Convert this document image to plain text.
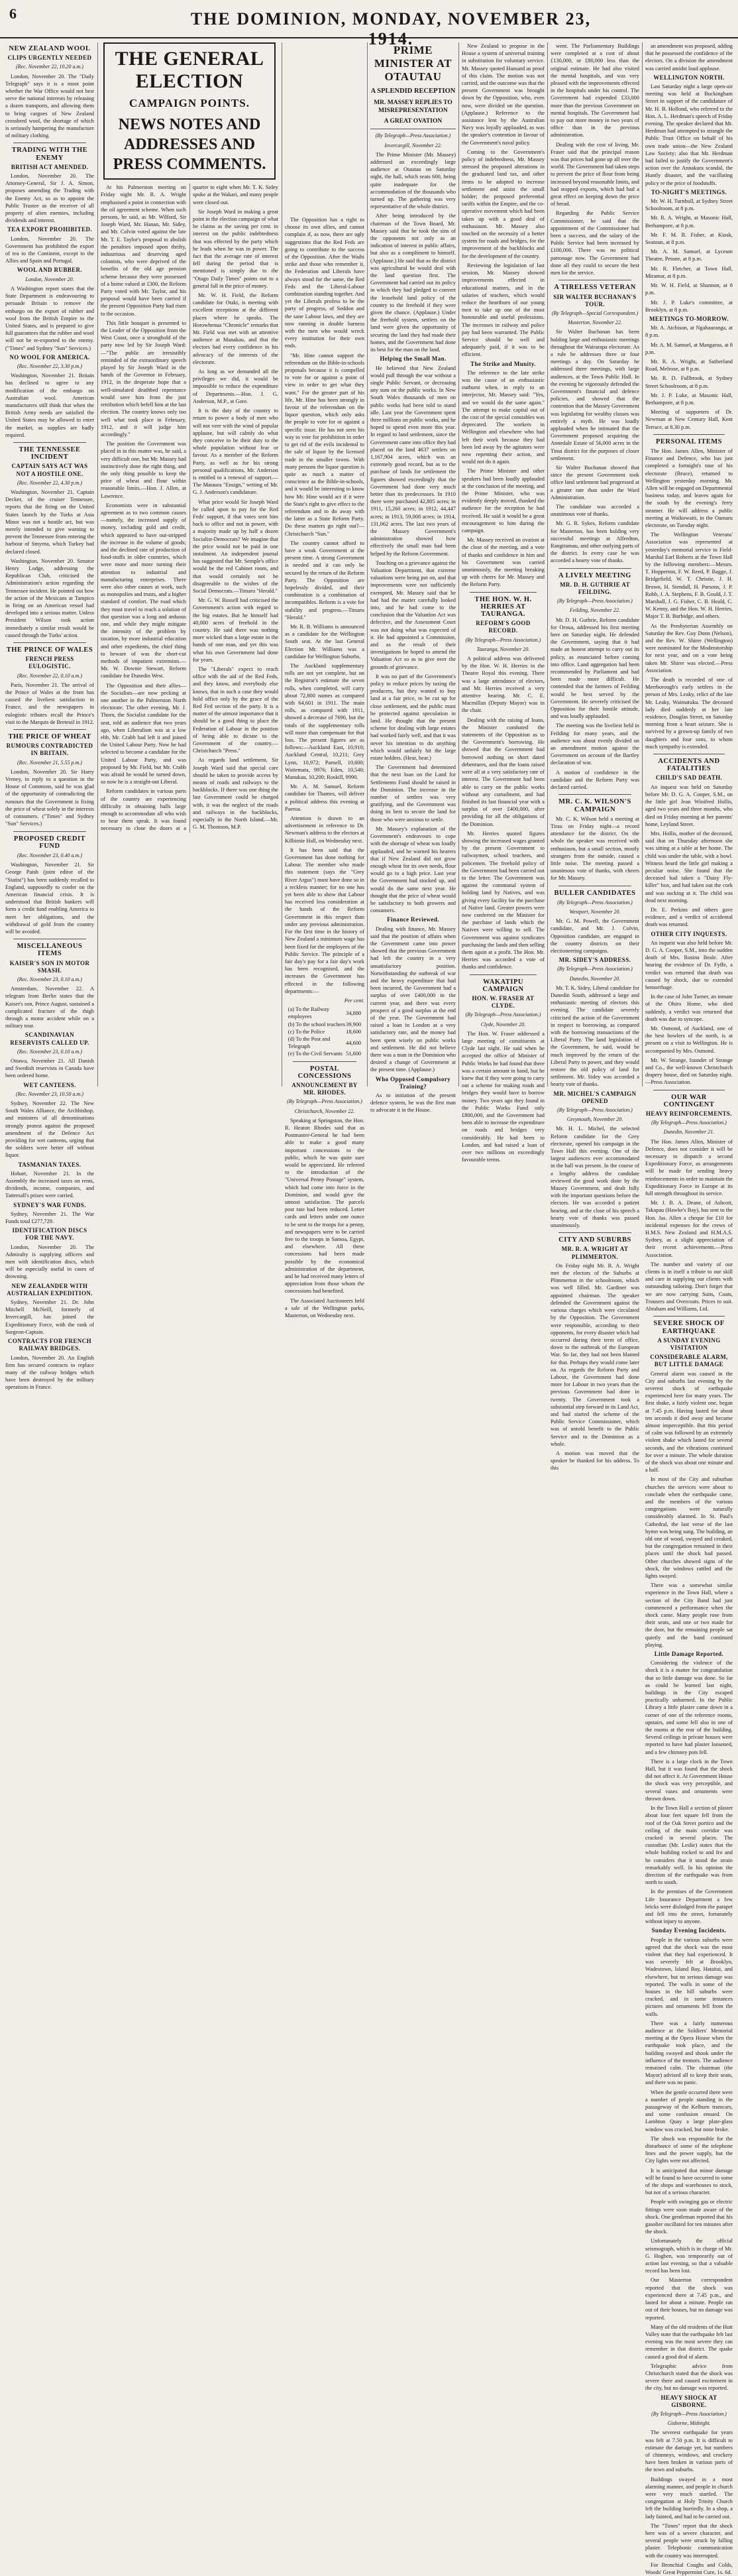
6	THE DOMINION, MONDAY, NOVEMBER 23, 1914.
NEW ZEALAND WOOL
CLIPS URGENTLY NEEDED
(Rec. November 22, 10.20 a.m.)

London, November 20. The "Daily Telegraph" says it is a moot point whether the War Office would not best serve the national interests by releasing a dozen transports, and allowing them to bring cargoes of New Zealand crossbred wool, the shortage of which is seriously hampering the manufacture of military clothing.

TRADING WITH THE ENEMY
BRITISH ACT AMENDED.

London, November 20. The Attorney-General, Sir J. A. Simon, proposes amending the Trading with the Enemy Act, so as to appoint the Public Trustee as the receiver of all property of alien enemies, including dividends and interest.

TEA EXPORT PROHIBITED.

London, November 20. The Government has prohibited the export of tea to the Continent, except to the Allies and Spain and Portugal.

WOOL AND RUBBER.
London, November 20.

A Washington report states that the State Department is endeavouring to persuade Britain to remove the embargo on the export of rubber and wool from the British Empire to the United States, and is prepared to give full guarantees that the rubber and wool will not be re-exported to the enemy. ("Times" and Sydney "Sun" Services.)

NO WOOL FOR AMERICA.
(Rec. November 22, 3.30 p.m.)

Washington, November 21. Britain has declined to agree to any modification of the embargo on Australian wool. American manufacturers still think that when the British Army needs are satisfied the United States may be allowed to enter the market, as supplies are badly required.

THE TENNESSEE INCIDENT
CAPTAIN SAYS ACT WAS NOT A HOSTILE ONE.
(Rec. November 22, 4.30 p.m.)

Washington, November 21. Captain Decker, of the cruiser Tennessee, reports that the firing on the United States launch by the Turks at Asia Minor was not a hostile act, but was merely intended to give warning to prevent the Tennessee from entering the harbour of Smyrna, which Turkey had declared closed.

Washington, November 20. Senator Henry Lodge, addressing the Republican Club, criticised the Administration's action regarding the Tennessee incident. He pointed out how the action of the Mexicans at Tampico in firing on an American vessel had developed into a serious matter. Unless President Wilson took action immediately a similar result would be caused through the Turks' action.

THE PRINCE OF WALES
FRENCH PRESS EULOGISTIC.
(Rec. November 22, 0.10 a.m.)

Paris, November 21. The arrival of the Prince of Wales at the front has caused the liveliest satisfaction in France, and the newspapers in eulogistic tributes recall the Prince's visit to the Marquis de Breteuil in 1912.

THE PRICE OF WHEAT
RUMOURS CONTRADICTED IN BRITAIN.
(Rec. November 21, 5.55 p.m.)

London, November 20. Sir Harry Verney, in reply to a question in the House of Commons, said he was glad of the opportunity of contradicting the rumours that the Government is fixing the price of wheat solely in the interests of consumers. ("Times" and Sydney "Sun" Services.)

PROPOSED CREDIT FUND
(Rec. November 23, 0.40 a.m.)

Washington, November 21. Sir George Paish (joint editor of the "Statist") has been suddenly recalled to England, supposedly to confer on the American financial crisis. It is understood that British bankers will form a credit fund enabling America to meet her obligations, and the withdrawal of gold from the country will be avoided.

MISCELLANEOUS ITEMS
KAISER'S SON IN MOTOR SMASH.
(Rec. November 23, 0.10 a.m.)

Amsterdam, November 22. A telegram from Berlin states that the Kaiser's son, Prince August, sustained a complicated fracture of the thigh through a motor accident while on a military tour.

SCANDINAVIAN RESERVISTS CALLED UP.
(Rec. November 23, 0.10 a.m.)

Ottawa, November 21. All Danish and Swedish reservists in Canada have been ordered home.

WET CANTEENS.
(Rec. November 23, 10.50 a.m.)

Sydney, November 22. The New South Wales Alliance, the Archbishop, and ministers of all denominations strongly protest against the proposed amendment of the Defence Act providing for wet canteens, urging that the soldiers were better off without liquor.

TASMANIAN TAXES.

Hobart, November 21. In the Assembly the increased taxes on rents, dividends, income, companies, and Tattersall's prizes were carried.

SYDNEY'S WAR FUNDS.

Sydney, November 21. The War Funds total £277,729.

IDENTIFICATION DISCS FOR THE NAVY.

London, November 20. The Admiralty is supplying officers and men with identification discs, which will be especially useful in cases of drowning.

NEW ZEALANDER WITH AUSTRALIAN EXPEDITION.

Sydney, November 21. Dr. John Mitchell McNeill, formerly of Invercargill, has joined the Expeditionary Force, with the rank of Surgeon-Captain.

CONTRACTS FOR FRENCH RAILWAY BRIDGES.

London, November 20. An English firm has secured contracts to replace many of the railway bridges which have been destroyed by the military operations in France.

THE GENERAL ELECTION
CAMPAIGN POINTS.
NEWS NOTES AND ADDRESSES AND PRESS COMMENTS.

At his Palmerston meeting on Friday night Mr. R. A. Wright emphasised a point in connection with the oil agreement scheme. When such persons, he said, as Mr. Wilford, Sir Joseph Ward, Mr. Hanan, Mr. Sidey, and Mr. Colvin voted against the late Mr. T. E. Taylor's proposal to abolish the penalties imposed upon thrifty, industrious and deserving aged colonists, who were deprived of the benefits of the old age pension scheme because they were possessed of a home valued at £300, the Reform Party voted with Mr. Taylor, and his proposal would have been carried if the present Opposition Party had risen to the occasion.

This little bouquet is presented to the Leader of the Opposition from the West Coast, once a stronghold of the party now led by Sir Joseph Ward:—"The public are irresistibly reminded of the extraordinary speech played by Sir Joseph Ward in the hands of the Governor in February, 1912, in the desperate hope that a well-simulated deathbed repentance would save him from the just retribution which befell him at the last election. The country knows only too well what took place in February, 1912, and it will judge him accordingly."

The position the Government was placed in in this matter was, he said, a very difficult one, but Mr. Massey had instinctively done the right thing, and the only thing possible to keep the price of wheat and flour within reasonable limits.—Hon. J. Allen, at Lawrence.

Economists were in substantial agreement as to two common causes—namely, the increased supply of money, including gold and credit, which appeared to have out-stripped the increase in the volume of goods; and the declined rate of production of food-stuffs in older countries, which were more and more turning their attention to industrial and manufacturing enterprises. There were also other causes at work, such as monopolies and trusts, and a higher standard of comfort. The road which they must travel to reach a solution of that question was a long and arduous one, and while they might mitigate the intensity of the problem by taxation, by more industrial education and other expedients, the chief thing to beware of was the short-cut methods of impatient extremists.—Mr. W. Downie Stewart, Reform candidate for Dunedin West.

The Opposition and their allies—the Socialists—are now pecking at one another in the Palmerston North electorate. The other evening, Mr. J. Thorn, the Socialist candidate for the seat, told an audience that two years ago, when Liberalism was at a low ebb, Mr. Crabb had left it and joined the United Labour Party. Now he had selected to become a candidate for the United Labour Party, and was proposed by Mr. Field, but Mr. Crabb was afraid he would be turned down, so now he is a straight-out Liberal.

Reform candidates in various parts of the country are experiencing difficulty in obtaining halls large enough to accommodate all who wish to hear them speak. It was found necessary to close the doors at a quarter to eight when Mr. T. K. Sidey spoke at the Wakari, and many people were closed out.

Sir Joseph Ward in making a great point in the election campaign of what he claims as the saving per cent. in interest on the public indebtedness that was effected by the party which he leads when he was in power. The fact that the average rate of interest fell during the period that is mentioned is simply due to the "Otago Daily Times" points out to a general fall in the price of money.

Mr. W. H. Field, the Reform candidate for Otaki, is meeting with excellent receptions at the different places where he speaks. The Horowhenua "Chronicle" remarks that Mr. Field was met with an attentive audience at Manakau, and that the electors had every confidence in his advocacy of the interests of the electorate.

As long as we demanded all the privileges we did, it would be impossible to reduce the expenditure of Departments.—Hon. J. G. Anderson, M.P., at Gore.

It is the duty of the country to return to power a body of men who will not veer with the wind of popular applause, but will calmly do what they conceive to be their duty to the whole population without fear or favour. As a member of the Reform Party, as well as for his strong personal qualifications, Mr. Anderson is entitled to a renewal of support.—The Mataura "Ensign," writing of Mr. G. J. Anderson's candidature.

What price would Sir Joseph Ward be called upon to pay for the Red Feds' support, if that votes sent him back to office and not in power, with a majority made up by half a dozen Socialist-Democrats? We imagine that the price would not be paid in one instalment. An independent journal has suggested that Mr. Semple's office would be the red Cabinet room, and that would certainly not be disagreeable to the wishes of the Social Democrats.—Timaru "Herald."

Mr. G. W. Russell had criticised the Government's action with regard to the big estates. But he himself had 40,000 acres of freehold in the country. He said there was nothing more wicked than a large estate in the hands of one man, and yet this was what his own Government had done for years.

The "Liberals" expect to reach office with the aid of the Red Feds, and they know, and everybody else knows, that in such a case they would hold office only by the grace of the Red Fed section of the party. It is a matter of the utmost importance that it should be a good thing to place the Federation of Labour in the position of being able to dictate to the Government of the country.—Christchurch "Press."

As regards land settlement, Sir Joseph Ward said that special care should be taken to provide access by means of roads and railways to the backblocks. If there was one thing the last Government could be charged with, it was the neglect of the roads and railways in the backblocks, especially in the North Island.—Mr. G. M. Thomson, M.P.

The Opposition has a right to choose its own allies, and cannot complain if, as now, there are ugly suggestions that the Red Feds are going to contribute to the success of the Opposition. After the Waihi strike and those who remember it, the Federation and Liberals have always stood for the same, the Red Feds and the Liberal-Labour combination standing together. And yet the Liberals profess to be the party of progress, of Seddon and the sane Labour laws, and they are now running in double harness with the men who would wreck every institution for their own ends.

"Mr. Hine cannot support the referendum on the Bible-in-schools proposals because it is compelled to vote for or against a point of view in order to get what they want." For the greater part of his life, Mr. Hine has been strongly in favour of the referendum on the liquor question, which only asks the people to vote for or against a specific issue. He has not seen his way to vote for prohibition in order to get rid of the evils incidental to the sale of liquor by the licensed trade in the smaller towns. With many persons the liquor question is quite as much a matter of conscience as the Bible-in-schools, and it would be interesting to know how Mr. Hine would act if it were the State's right to give effect to the referendum and to do away with the latter as a State Reform Party. Do these matters go right out?—Christchurch "Sun."

The country cannot afford to have a weak Government at the present time. A strong Government is needed and it can only be secured by the return of the Reform Party. The Opposition are hopelessly divided, and their combination is a combination of incompatibles. Reform is a vote for stability and progress.—Timaru "Herald."

Mr. R. B. Williams is announced as a candidate for the Wellington South seat. At the last General Election Mr. Williams was a candidate for Wellington Suburbs.

The Auckland supplementary rolls are not yet complete, but on the Registrar's estimate the seven rolls, when completed, will carry about 72,800 names as compared with 64,601 in 1911. The main rolls, as compared with 1911, showed a decrease of 7690, but the totals of the supplementary rolls will more than compensate for that loss. The present figures are as follows:—Auckland East, 10,910; Auckland Central, 10,211; Grey Lynn, 10,972; Parnell, 10,600; Waitemata, 9976; Eden, 10,540; Manukau, 10,200; Roskill, 9990.

Mr. A. M. Samuel, Reform candidate for Thames, will deliver a political address this evening at Paeroa.

Attention is drawn to an advertisement in reference to Dr. Newman's address to the electors at Kilbirnie Hall, on Wednesday next.

It has been said that the Government has done nothing for Labour. The member who made this statement (says the "Grey River Argus") must have done so in a reckless manner; for no one has yet been able to show that Labour has received less consideration at the hands of the Reform Government in this respect than under any previous administration. For the first time in the history of New Zealand a minimum wage has been fixed for the employees of the Public Service. The principle of a fair day's pay for a fair day's work has been recognised, and the increases the Government has effected in the following departments:—

Per cent.
(a) To the Railway employees	34,880
(b) To the school teachers	39,900
(c) To the Police	18,600
(d) To the Post and Telegraph	44,600
(e) To the Civil Servants	51,600
POSTAL CONCESSIONS
ANNOUNCEMENT BY MR. RHODES.
(By Telegraph—Press Association.)
Christchurch, November 22.

Speaking at Springston, the Hon. R. Heaton Rhodes said that as Postmaster-General he had been able to make a good many important concessions to the public, which he was quite sure would be appreciated. He referred to the introduction of the "Universal Penny Postage" system, which had come into force in the Dominion, and would give the utmost satisfaction. The parcels post rate had been reduced. Letter cards and letters under one ounce to be sent to the troops for a penny, and newspapers were to be carried free to the troops in Samoa, Egypt, and elsewhere. All these concessions had been made possible by the economical administration of the department, and he had received many letters of appreciation from those whom the concessions had benefited.

The Associated Auctioneers held a sale of the Wellington parks, Masterton, on Wednesday next.

PRIME MINISTER AT OTAUTAU
A SPLENDID RECEPTION
MR. MASSEY REPLIES TO MISREPRESENTATION
A GREAT OVATION
(By Telegraph—Press Association.)
Invercargill, November 22.

The Prime Minister (Mr. Massey) addressed an exceedingly large audience at Otautau on Saturday night, the hall, which seats 600, being quite inadequate for the accommodation of the thousands who turned up. The gathering was very representative of the whole district.

After being introduced by the chairman of the Town Board, Mr. Massey said that he took the sins of the opponents not only as an indication of interest in public affairs, but also as a compliment to himself. (Applause.) He said that as the district was agricultural he would deal with the land question first. The Government had carried out its policy in which they had pledged to convert the leasehold land policy of the country to the freehold if they were given the chance. (Applause.) Under the freehold system, settlers on the land were given the opportunity of securing the land they had made their homes, and the Government had done its best for the man on the land.

Helping the Small Man.

He believed that New Zealand would pull through the war without a single Public Servant, or decreasing any sum on the public works. In New South Wales thousands of men on public works had been told to stand idle. Last year the Government spent three millions on public works, and he hoped to spend even more this year. In regard to land settlement, since the Government came into office they had placed on the land 4637 settlers on 1,167,904 acres, which was an extremely good record, but as to the purchase of lands for settlement the figures showed exceedingly that the Government had done very much better than its predecessors. In 1910 there were purchased 42,805 acres; in 1911, 15,260 acres; in 1912, 44,447 acres; in 1913, 59,008 acres; in 1914, 131,062 acres. The last two years of the Massey Government's administration showed how effectively the small man had been helped by the Reform Government.

Touching on a grievance against the Valuation Department, that extreme valuations were being put on, and that improvements were not sufficiently exempted, Mr. Massey said that he had had the matter carefully looked into, and he had come to the conclusion that the Valuation Act was defective, and the Assessment Court was not doing what was expected of it. He had appointed a Commission, and as the result of their investigations he hoped to amend the Valuation Act so as to give over the grounds of grievance.

It was no part of the Government's policy to reduce prices by taxing the producers, but they wanted to buy land at a fair price, to be cut up for close settlement, and the public must be protected against speculation in land. He thought that the present scheme for dealing with large estates had worked fairly well, and that it was never his intention to do anything which would unfairly hit the large estate holders. (Hear, hear.)

The Government had determined that the next loan on the Land for Settlements Fund should be raised in the Dominion. The increase in the number of settlers was very gratifying, and the Government was doing its best to secure the land for those who were anxious to settle.

Mr. Massey's explanation of the Government's endeavours to cope with the shortage of wheat was loudly applauded, and he warned his hearers that if New Zealand did not grow enough wheat for its own needs, flour would go to a high price. Last year the Government had stocked up, and would do the same next year. He thought that the price of wheat would be satisfactory to both growers and consumers.

Finance Reviewed.

Dealing with finance, Mr. Massey said that the position of affairs when the Government came into power showed that the previous Government had left the country in a very unsatisfactory position. Notwithstanding the outbreak of war and the heavy expenditure that had been incurred, the Government had a surplus of over £400,000 in the current year, and there was every prospect of a good surplus at the end of the year. The Government had raised a loan in London at a very satisfactory rate, and the money had been spent wisely on public works and settlement. He did not believe there was a man in the Dominion who desired a change of Government at the present time. (Applause.)

Who Opposed Compulsory Training?

As to initiation of the present defence system, he was the first man to advocate it in the House.

New Zealand to propose in the House a system of universal training in substitution for voluntary service. Mr. Massey quoted Hansard as proof of this claim. The motion was not carried, and the outcome was that the present Government was brought down by the Opposition, who, even now, were divided on the question. (Applause.) Reference to the assistance lent by the Australian Navy was loyally applauded, as was the speaker's contention in favour of the Government's naval policy.

Coming to the Government's policy of indebtedness, Mr. Massey stressed the proposed alterations in the graduated land tax, and other items to be adopted to increase settlement and assist the small holder; the proposed preferential tariffs within the Empire, and the co-operative movement which had been taken up with a good deal of enthusiasm. Mr. Massey also touched on the necessity of a better system for roads and bridges, for the improvement of the backblocks and for the development of the country.

Reviewing the legislation of last session, Mr. Massey showed improvements effected in educational matters, and in the salaries of teachers, which would reduce the heartburn of our young men to take up one of the most honourable and useful professions. The increases in railway and police pay had been warranted. The Public Service should be well and adequately paid, if it was to be efficient.

The Strike and Munity.

The reference to the late strike was the cause of an enthusiastic outburst when, in reply to an interjector, Mr. Massey said: "Yes, and we would do the same again." The attempt to make capital out of the cost of the special constables was deprecated. The workers in Wellington and elsewhere who had left their work because they had been led away by the agitators were now repenting their action, and would not do it again.

The Prime Minister and other speakers had been loudly applauded at the conclusion of the meeting, and the Prime Minister, who was evidently deeply moved, thanked the audience for the reception he had received. He said it would be a great encouragement to him during the campaign.

Mr. Massey received an ovation at the close of the meeting, and a vote of thanks and confidence in him and his Government was carried unanimously, the meeting breaking up with cheers for Mr. Massey and the Reform Party.

THE HON. W. H. HERRIES AT TAURANGA.
REFORM'S GOOD RECORD.
(By Telegraph—Press Association.)
Tauranga, November 20.

A political address was delivered by the Hon. W. H. Herries in the Theatre Royal this evening. There was a large attendance of electors, and Mr. Herries received a very attentive hearing. Mr. C. E. Macmillan (Deputy Mayor) was in the chair.

Dealing with the raising of loans, the Minister combated the statements of the Opposition as to the Government's borrowing. He showed that the Government had borrowed nothing on short dated debentures, and that the loans raised were all at a very satisfactory rate of interest. The Government had been able to carry on the public works without any curtailment, and had finished its last financial year with a surplus of over £400,000, after providing for all the obligations of the Dominion.

Mr. Herries quoted figures showing the increased wages granted by the present Government to railwaymen, school teachers, and policemen. The freehold policy of the Government had been carried out to the letter. The Government was against the communal system of holding land by Natives, and was giving every facility for the purchase of Native land. Greater powers were now conferred on the Minister for the purchase of lands which the Natives were willing to sell. The Government was against syndicates purchasing the lands and then selling them again at a profit. The Hon. Mr. Herries was accorded a vote of thanks and confidence.

WAKATIPU CAMPAIGN
HON. W. FRASER AT CLYDE.
(By Telegraph—Press Association.)
Clyde, November 20.

The Hon. W. Fraser addressed a large meeting of constituents at Clyde last night. He said when he accepted the office of Minister of Public Works he had found that there was a certain amount in hand, but he knew that if they were going to carry out a scheme for making roads and bridges they would have to borrow money. Two years ago they found in the Public Works Fund only £800,000, and the Government had been able to increase the expenditure on roads and bridges very considerably. He had been to London, and had raised a loan of over two millions on exceedingly favourable terms.

went. The Parliamentary Buildings were completed at a cost of about £130,000, or £80,000 less than the original estimate. He had also visited the mental hospitals, and was very pleased with the improvements effected in the hospitals under his control. The Government had expended £33,000 more than the previous Government on mental hospitals. The Government had to pay out more money in two years of office than in the previous administration.

Dealing with the cost of living, Mr. Fraser said that the principal reason was that prices had gone up all over the world. The Government had taken steps to prevent the price of flour from being increased beyond reasonable limits, and had stopped exports, which had had a great effect on keeping down the price of bread.

Regarding the Public Service Commissioner, he said that the appointment of the Commissioner had been a success, and the salary of the Public Service had been increased by £100,000. There was no political patronage now. The Government had done all they could to secure the best men for the service.

A TIRELESS VETERAN
SIR WALTER BUCHANAN'S TOUR.
(By Telegraph—Special Correspondent.)
Masterton, November 22.

Sir Walter Buchanan has been holding large and enthusiastic meetings throughout the Wairarapa electorate. As a rule he addresses three or four meetings a day. On Saturday he addressed three meetings, with large audiences, at the Town Public Hall. In the evening he vigorously defended the Government's financial and defence policies, and showed that the contention that the Massey Government was legislating for wealthy classes was entirely a myth. He was loudly applauded when he intimated that the Government proposed acquiring the Annedale Estate of 56,000 acres in the Tinui district for the purposes of closer settlement.

Sir Walter Buchanan showed that since the present Government took office land settlement had progressed at a greater rate than under the Ward Administration.

The candidate was accorded a unanimous vote of thanks.

Mr. G. R. Sykes, Reform candidate for Masterton, has been holding very successful meetings at Alfredton, Rangitumau, and other outlying parts of the district. In every case he was accorded a hearty vote of thanks.

A LIVELY MEETING
MR. D. H. GUTHRIE AT FEILDING.
(By Telegraph—Press Association.)
Feilding, November 22.

Mr. D. H. Guthrie, Reform candidate for Oroua, addressed his first meeting here on Saturday night. He defended the Government, saying that it had made an honest attempt to carry out its policy, as enunciated before coming into office. Land aggregation had been recommended by Parliament and had been made more difficult. He contended that the farmers of Feilding would be best served by the Government. He severely criticised the Opposition for their hostile attitude, and was loudly applauded.

The meeting was the liveliest held in Feilding for many years, and the audience was about evenly divided on an amendment motion against the Government on account of the Bartley declaration of war.

A motion of confidence in the candidate and the Reform Party was declared carried.

MR. C. K. WILSON'S CAMPAIGN

Mr. C. K. Wilson held a meeting at Tirau on Friday night—a record attendance for the district. On the whole the speaker was received with enthusiasm, but a small section, mostly strangers from the outside, caused a little noise. The meeting passed a unanimous vote of thanks, with cheers for Mr. Massey.

BULLER CANDIDATES
(By Telegraph—Press Association.)
Westport, November 20.

Mr. G. M. Powell, the Government candidate, and Mr. J. Colvin, Opposition candidate, are engaged in the country districts on their electioneering campaigns.

MR. SIDEY'S ADDRESS.
(By Telegraph—Press Association.)
Dunedin, November 20.

Mr. T. K. Sidey, Liberal candidate for Dunedin South, addressed a large and enthusiastic meeting of electors this evening. The candidate severely criticised the action of the Government in respect to borrowing, as compared with the borrowing transactions of the Liberal Party. The land legislation of the Government, he said, would be much improved by the return of the Liberal Party to power, and they would restore the old policy of land for settlement. Mr. Sidey was accorded a hearty vote of thanks.

MR. MICHEL'S CAMPAIGN OPENED
(By Telegraph—Press Association.)
Greymouth, November 20.

Mr. H. L. Michel, the selected Reform candidate for the Grey electorate, opened his campaign in the Town Hall this evening. One of the largest audiences ever accommodated in the hall was present. In the course of a lengthy address the candidate reviewed the good work done by the Massey Government, and dealt fully with the important questions before the electors. He was accorded a patient hearing, and at the close of his speech a hearty vote of thanks was passed unanimously.

CITY AND SUBURBS
MR. R. A. WRIGHT AT PLIMMERTON.

On Friday night Mr. R. A. Wright met the electors of the Suburbs at Plimmerton in the schoolroom, which was well filled. Mr. Gardiner was appointed chairman. The speaker defended the Government against the various charges which were circulated by the Opposition. The Government were responsible, according to their opponents, for every disaster which had occurred during their term of office, down to the outbreak of the European War. So far, they had not been blamed for that. Perhaps they would come later on. As regards the Reform Party and Labour, the Government had done more for Labour in two years than the previous Government had done in twenty. The Government took a substantial step forward in its Land Act, and had started the scheme of the Public Service Commissioner, which was of untold benefit to the Public Service and to the Dominion as a whole.

A motion was moved that the speaker be thanked for his address. To this

an amendment was proposed, adding that he possessed the confidence of the electors. On a division the amendment was carried amidst loud applause.

WELLINGTON NORTH.

Last Saturday night a large open-air meeting was held at Buckingham Street in support of the candidature of Mr. H. B. Hollond, who referred to the Hon. A. L. Herdman's speech of Friday evening. The speaker declared that Mr. Herdman had attempted to strangle the Public Trust Office on behalf of his own trade union—the New Zealand Law Society; also that Mr. Herdman had failed to justify the Government's action over the Annakura scandal, the Huntly disaster, and the vacillating policy re the price of foodstuffs.

TO-NIGHT'S MEETINGS.

Mr. W. H. Turnbull, at Sydney Street Schoolroom, at 8 p.m.

Mr. R. A. Wright, at Masonic Hall, Berhampore, at 8 p.m.

Mr. F. M. B. Fisher, at Kiosk, Seatoun, at 8 p.m.

Mr. A. M. Samuel, at Lyceum Theatre, Petone, at 8 p.m.

Mr. R. Fletcher, at Town Hall, Miramar, at 8 p.m.

Mr. W. H. Field, at Shannon, at 8 p.m.

Mr. J. P. Luke's committee, at Brooklyn, at 8 p.m.

MEETINGS TO-MORROW.

Mr. A. Atchison, at Ngahauranga, at 8 p.m.

Mr. A. M. Samuel, at Mangaroa, at 8 p.m.

Mr. R. A. Wright, at Sutherland Road, Melrose, at 8 p.m.

Mr. R. D. Fullbrook, at Sydney Street Schoolroom, at 8 p.m.

Mr. J. P. Luke, at Masonic Hall, Berhampore, at 8 p.m.

Meeting of supporters of Dr. Newman at New Century Hall, Kent Terrace, at 8.30 p.m.

PERSONAL ITEMS

The Hon. James Allen, Minister of Finance and Defence, who has just completed a fortnight's tour of his electorate (Bruce), returned to Wellington yesterday morning. Mr. Allen will be engaged on Departmental business today, and leaves again for the south by the evening's ferry steamer. He will address a public meeting at Waikowaiti, in the Oamaru electorate, on Tuesday night.

The Wellington Veterans' Association was represented at yesterday's memorial service to Field-Marshal Earl Roberts at the Town Hall by the following members:—Messrs. T. Hopperton, F. W. Reed, P. Bagge, J. Bridgefield, W. T. Christie, J. H. Brown, H. Stendall, H. Parsons, J. P. Robb, J. A. Stephens, F. B. Gould, J. T. Marshall, J. G. Fisher, C. B. Heald, C. W. Kenny, and the Hon. W. H. Herries, Major T. B. Burbidge, and others.

As the Presbyterian Assembly on Saturday the Rev. Guy Dunn (Nelson), and the Rev. W. Shirer (Wellington) were nominated for the Moderatorship for next year, and on a vote being taken Mr. Shirer was elected.—Press Association.

The death is recorded of one of Merrborough's early settlers in the person of Mrs. Leaky, relict of the late Mr. Leaky, Waimatuku. The deceased lady died suddenly at her late residence, Douglas Street, on Saturday morning from a heart seizure. She is survived by a grown-up family of two daughters and four sons, to whom much sympathy is extended.

ACCIDENTS AND FATALITIES
CHILD'S SAD DEATH.

An inquest was held on Saturday before Mr. D. G. A. Cooper, S.M., on the little girl Jean Winifred Hollis, aged two years and three months, who died on Friday morning at her parents' home, Leyland Street.

Mrs. Hollis, mother of the deceased, said that on Thursday afternoon she was sitting at a table at her home. The child was under the table, with a bowl. Witness heard the little girl making a peculiar noise. She found that the deceased had taken a "Daisy Fly-killer" box, and had taken out the cork and was sucking at it. The child was dead next morning.

Dr. E. Perkins and others gave evidence, and a verdict of accidental death was returned.

OTHER CITY INQUESTS.

An inquest was also held before Mr. D. G. A. Cooper, S.M., into the sudden death of Mrs. Rosina Beale. After hearing the evidence of Dr. Fyffe, a verdict was returned that death was caused by shock, due to extended hemorrhage.

In the case of John Turner, an inmate of the Ohiro Home, who died suddenly, a verdict was returned that death was due to syncope.

Mr. Osmond, of Auckland, one of the best bowlers of the north, is at present on a visit to Wellington. He is accompanied by Mrs. Osmond.

Mr. W. Strange, founder of Strange and Co., the well-known Christchurch drapery house, died on Saturday night.—Press Association.

OUR WAR CONTINGENT
HEAVY REINFORCEMENTS.
(By Telegraph—Press Association.)
Dunedin, November 21.

The Hon. James Allen, Minister of Defence, does not consider it will be necessary to dispatch a second Expeditionary Force, as arrangements will be made for sending heavy reinforcements in order to maintain the Expeditionary Force in Europe at its full strength throughout its service.

Mr. J. B. A. Deane, of Ashcott, Takapau (Hawke's Bay), has sent to the Hon. Jas. Allen a cheque for £10 for incidental expenses for the crews of H.M.S. New Zealand and H.M.A.S. Sydney, as a slight appreciation of their recent achievements.—Press Association.

The number and variety of our clients is in itself a tribute to our skill and care in supplying our clients with outstanding tailoring. Don't forget that we are now carrying Suits, Coats, Trousers and Overcoats. Prices to suit. Abraham and Williams, Ltd.

SEVERE SHOCK OF EARTHQUAKE
A SUNDAY EVENING VISITATION
CONSIDERABLE ALARM, BUT LITTLE DAMAGE

General alarm was caused in the City and suburbs last evening by the severest shock of earthquake experienced here for many years. The first shake, a fairly violent one, began at 7.45 p.m. Having lasted for about ten seconds it died away and became almost imperceptible. But this period of calm was followed by an extremely violent shake which lasted for several seconds, and the vibrations continued for over a minute. The whole duration of the shock was about one minute and a half.

In most of the City and suburban churches the services were about to conclude when the earthquake came, and the members of the various congregations were naturally considerably alarmed. In St. Paul's Cathedral, the last verse of the last hymn was being sung. The building, an old one of wood, swayed and creaked, but the congregation remained in their places until the shock had passed. Other churches showed signs of the shock, the windows rattled and the lights swayed.

There was a somewhat similar experience in the Town Hall, where a section of the City Band had just commenced a performance when the shock came. Many people rose from their seats, and one or two made for the door, but the remaining people sat quietly and the band continued playing.

Little Damage Reported.

Considering the violence of the shock it is a matter for congratulation that so little damage was done. So far as could be learned last night, buildings in the City escaped practically unharmed. In the Public Library a little plaster came down in a corner of one of the reference rooms, upstairs, and some fell also in one of the rooms at the rear of the building. Several ceilings in private houses were reported to have had plaster loosened, and a few chimney pots fell.

There is a large clock in the Town Hall, but it was found that the shock did not affect it. At Government House the shock was very perceptible, and several vases and ornaments were thrown down.

In the Town Hall a section of plaster about four feet square fell from the roof of the Oak Street portico and the ceiling of the main corridor was cracked in several places. The custodian (Mr. Leslie) states that the whole building rocked to and fro and he considers that it stood the strain remarkably well. In his opinion the direction of the earthquake was from north to south.

In the premises of the Government Life Insurance Department a few bricks were dislodged from the parapet and fell into the street, fortunately without injury to anyone.

Sunday Evening Incidents.

People in the various suburbs were agreed that the shock was the most violent that they had experienced. It was severely felt at Brooklyn, Wadestown, Island Bay, Hataitai, and elsewhere, but no serious damage was reported. The walls in some of the houses in the hill suburbs were cracked, and in some instances pictures and ornaments fell from the walls.

There was a fairly numerous audience at the Soldiers' Memorial meeting at the Opera House when the earthquake took place, and the building swayed and shook under the influence of the tremors. The audience remained calm. The chairman (the Mayor) advised all to keep their seats, and there was no panic.

When the gentle occurred there were a number of people standing in the passageway of the Kelburn tramcars, and some confusion ensued. On Lambton Quay a large plate-glass window was cracked, but none broke.

The shock was responsible for the disturbance of some of the telephone lines and the power supply, but the City lights were not affected.

It is anticipated that minor damage will be found to have occurred in some of the shops and warehouses to stock, but not of a serious character.

People with swinging gas or electric fittings were soon made aware of the shock. One gentleman reported that his gasolier oscillated for ten minutes after the shock.

Unfortunately the official seismograph, which is in charge of Mr. G. Hogben, was temporarily out of action last evening, so that a valuable record has been lost.

Our Masterton correspondent reported that the shock was experienced there at 7.45 p.m., and lasted for about a minute. People ran out of their houses, but no damage was reported.

Many of the old residents of the Hutt Valley state that the earthquake felt last evening was the most severe they can remember in that district. The quake caused a good deal of alarm.

Telegraphic advice from Christchurch stated that the shock was severe there and caused excitement in the city, but no damage was reported.

HEAVY SHOCK AT GISBORNE.
(By Telegraph—Press Association.)
Gisborne, Midnight.

The severest earthquake for years was felt at 7.50 p.m. It is difficult to estimate the damage yet, but numbers of chimneys, windows, and crockery have been broken in various parts of the town and suburbs.

Buildings swayed in a most alarming manner, and people in church were very much startled. The congregation at Holy Trinity Church left the building hurriedly. In a shop, a lady fainted, and had to be carried out.

The "Times" report that the shock here was of a severe character, and several people were struck by falling plaster. Telephonic communication with the country was interrupted.

For Bronchial Coughs and Colds, Woods' Great Peppermint Cure, 1s. 6d.
